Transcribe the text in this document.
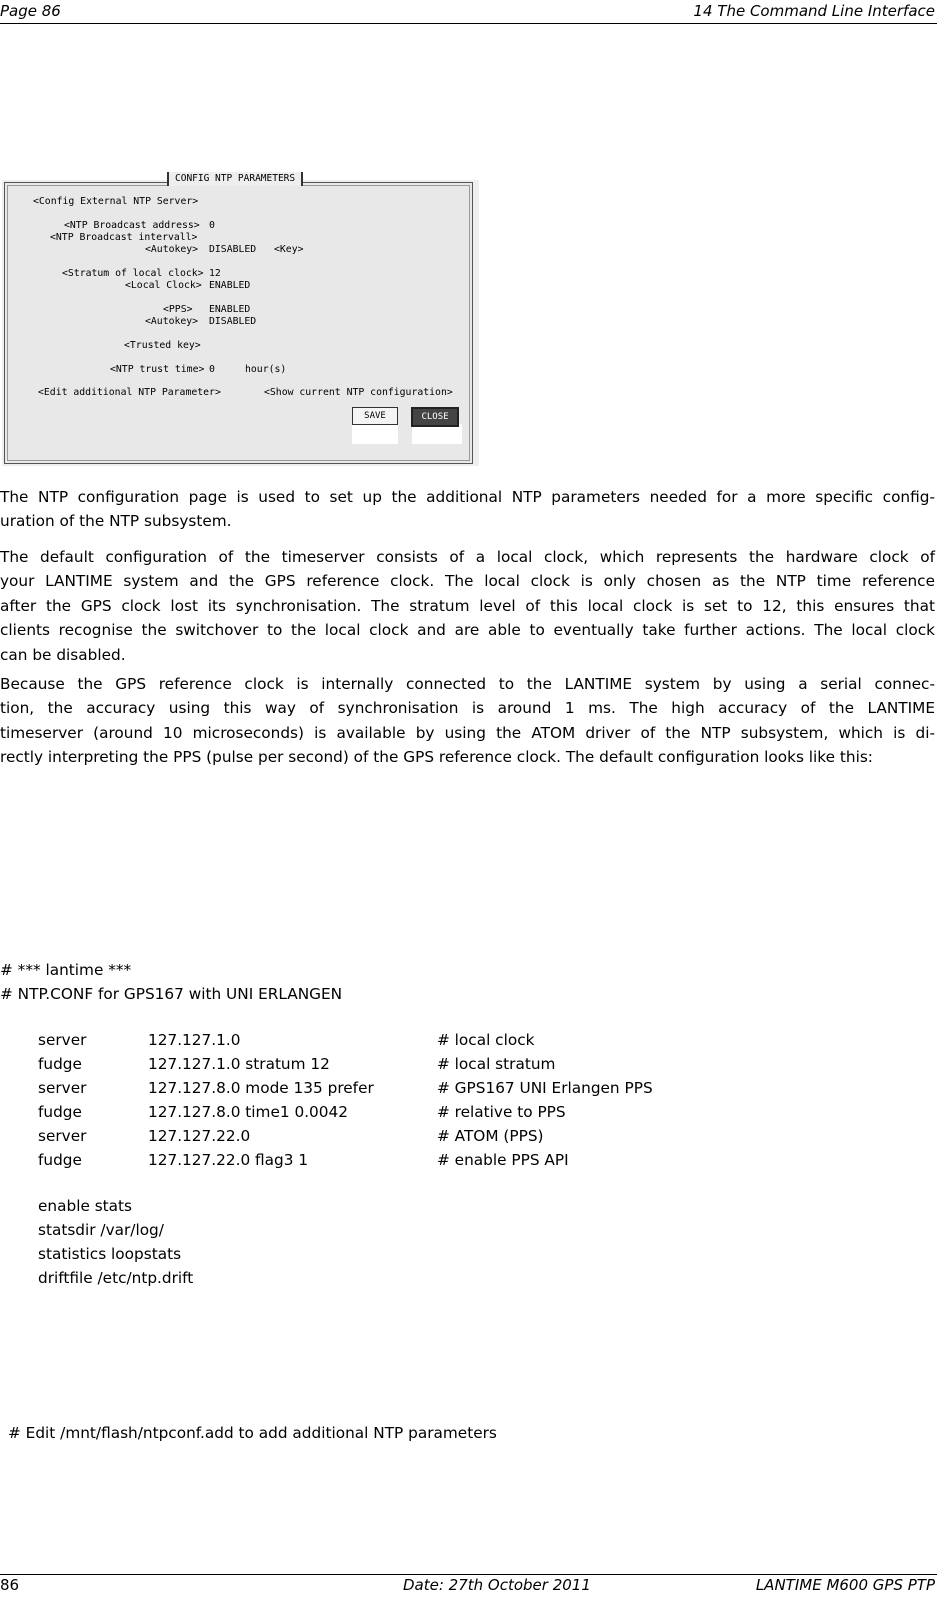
Page 86	14 The Command Line Interface
CONFIG NTP PARAMETERS
<Config External NTP Server>
<NTP Broadcast address> 0
<NTP Broadcast intervall>
<Autokey> DISABLED <Key>
<Stratum of local clock> 12
<Local Clock> ENABLED
<PPS> ENABLED
<Autokey> DISABLED
<Trusted key>
<NTP trust time> 0	hour(s)
<Edit additional NTP Parameter>	<Show current NTP configuration>
SAVE	CLOSE
The NTP configuration page is used to set up the additional NTP parameters needed for a more specific config-
uration of the NTP subsystem.
The default configuration of the timeserver consists of a local clock, which represents the hardware clock of
your LANTIME system and the GPS reference clock. The local clock is only chosen as the NTP time reference
after the GPS clock lost its synchronisation. The stratum level of this local clock is set to 12, this ensures that
clients recognise the switchover to the local clock and are able to eventually take further actions. The local clock
can be disabled.
Because the GPS reference clock is internally connected to the LANTIME system by using a serial connec-
tion, the accuracy using this way of synchronisation is around 1 ms. The high accuracy of the LANTIME
timeserver (around 10 microseconds) is available by using the ATOM driver of the NTP subsystem, which is di-
rectly interpreting the PPS (pulse per second) of the GPS reference clock. The default configuration looks like this:
# *** lantime ***
# NTP.CONF for GPS167 with UNI ERLANGEN
server	127.127.1.0	# local clock
fudge	127.127.1.0 stratum 12	# local stratum
server	127.127.8.0 mode 135 prefer	# GPS167 UNI Erlangen PPS
fudge	127.127.8.0 time1 0.0042	# relative to PPS
server	127.127.22.0	# ATOM (PPS)
fudge	127.127.22.0 flag3 1	# enable PPS API
enable stats
statsdir /var/log/
statistics loopstats
driftfile /etc/ntp.drift
# Edit /mnt/flash/ntpconf.add to add additional NTP parameters
86	Date: 27th October 2011	LANTIME M600 GPS PTP
